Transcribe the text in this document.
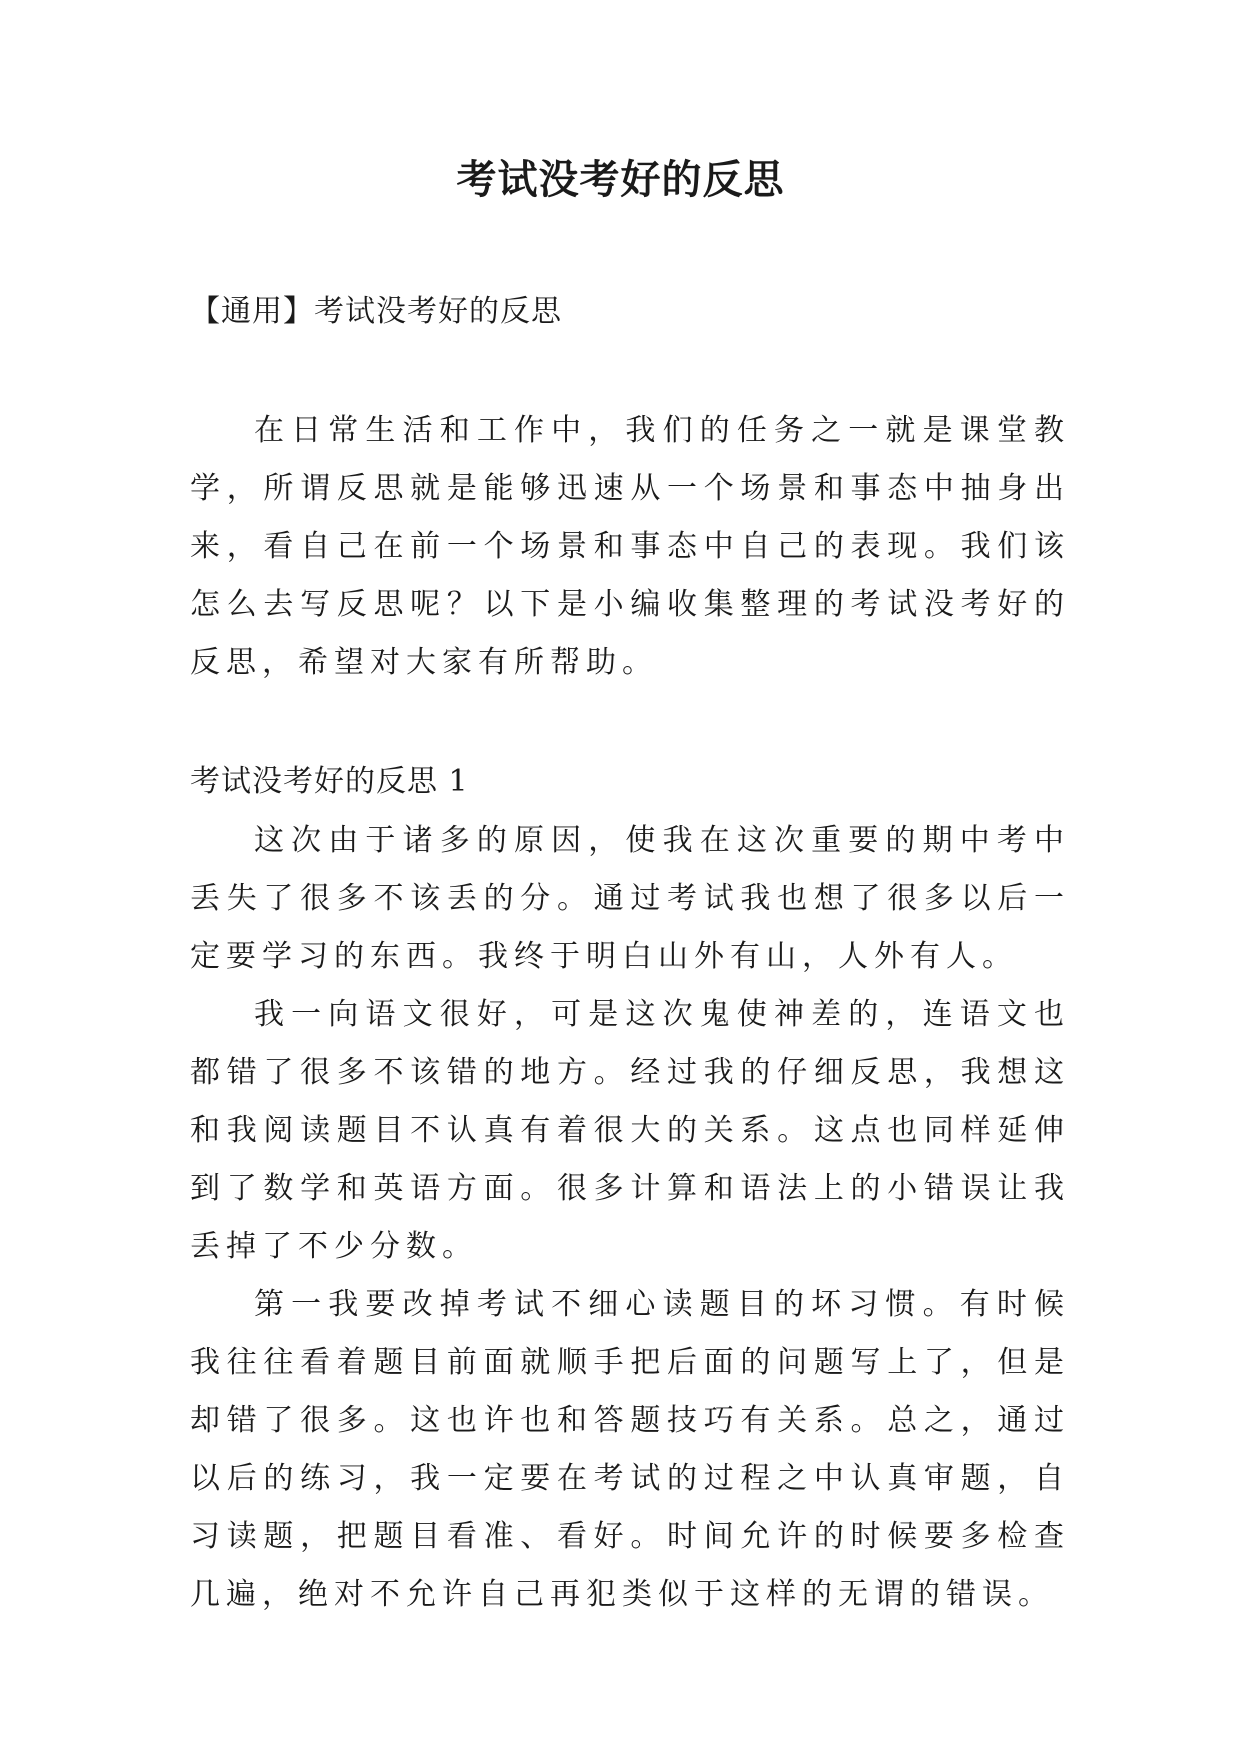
考试没考好的反思
【通用】考试没考好的反思

在日常生活和工作中，我们的任务之一就是课堂教学，所谓反思就是能够迅速从一个场景和事态中抽身出来，看自己在前一个场景和事态中自己的表现。我们该怎么去写反思呢？以下是小编收集整理的考试没考好的反思，希望对大家有所帮助。

考试没考好的反思 1

这次由于诸多的原因，使我在这次重要的期中考中丢失了很多不该丢的分。通过考试我也想了很多以后一定要学习的东西。我终于明白山外有山，人外有人。

我一向语文很好，可是这次鬼使神差的，连语文也都错了很多不该错的地方。经过我的仔细反思，我想这和我阅读题目不认真有着很大的关系。这点也同样延伸到了数学和英语方面。很多计算和语法上的小错误让我丢掉了不少分数。

第一我要改掉考试不细心读题目的坏习惯。有时候我往往看着题目前面就顺手把后面的问题写上了，但是却错了很多。这也许也和答题技巧有关系。总之，通过以后的练习，我一定要在考试的过程之中认真审题，自习读题，把题目看准、看好。时间允许的时候要多检查几遍，绝对不允许自己再犯类似于这样的无谓的错误。
